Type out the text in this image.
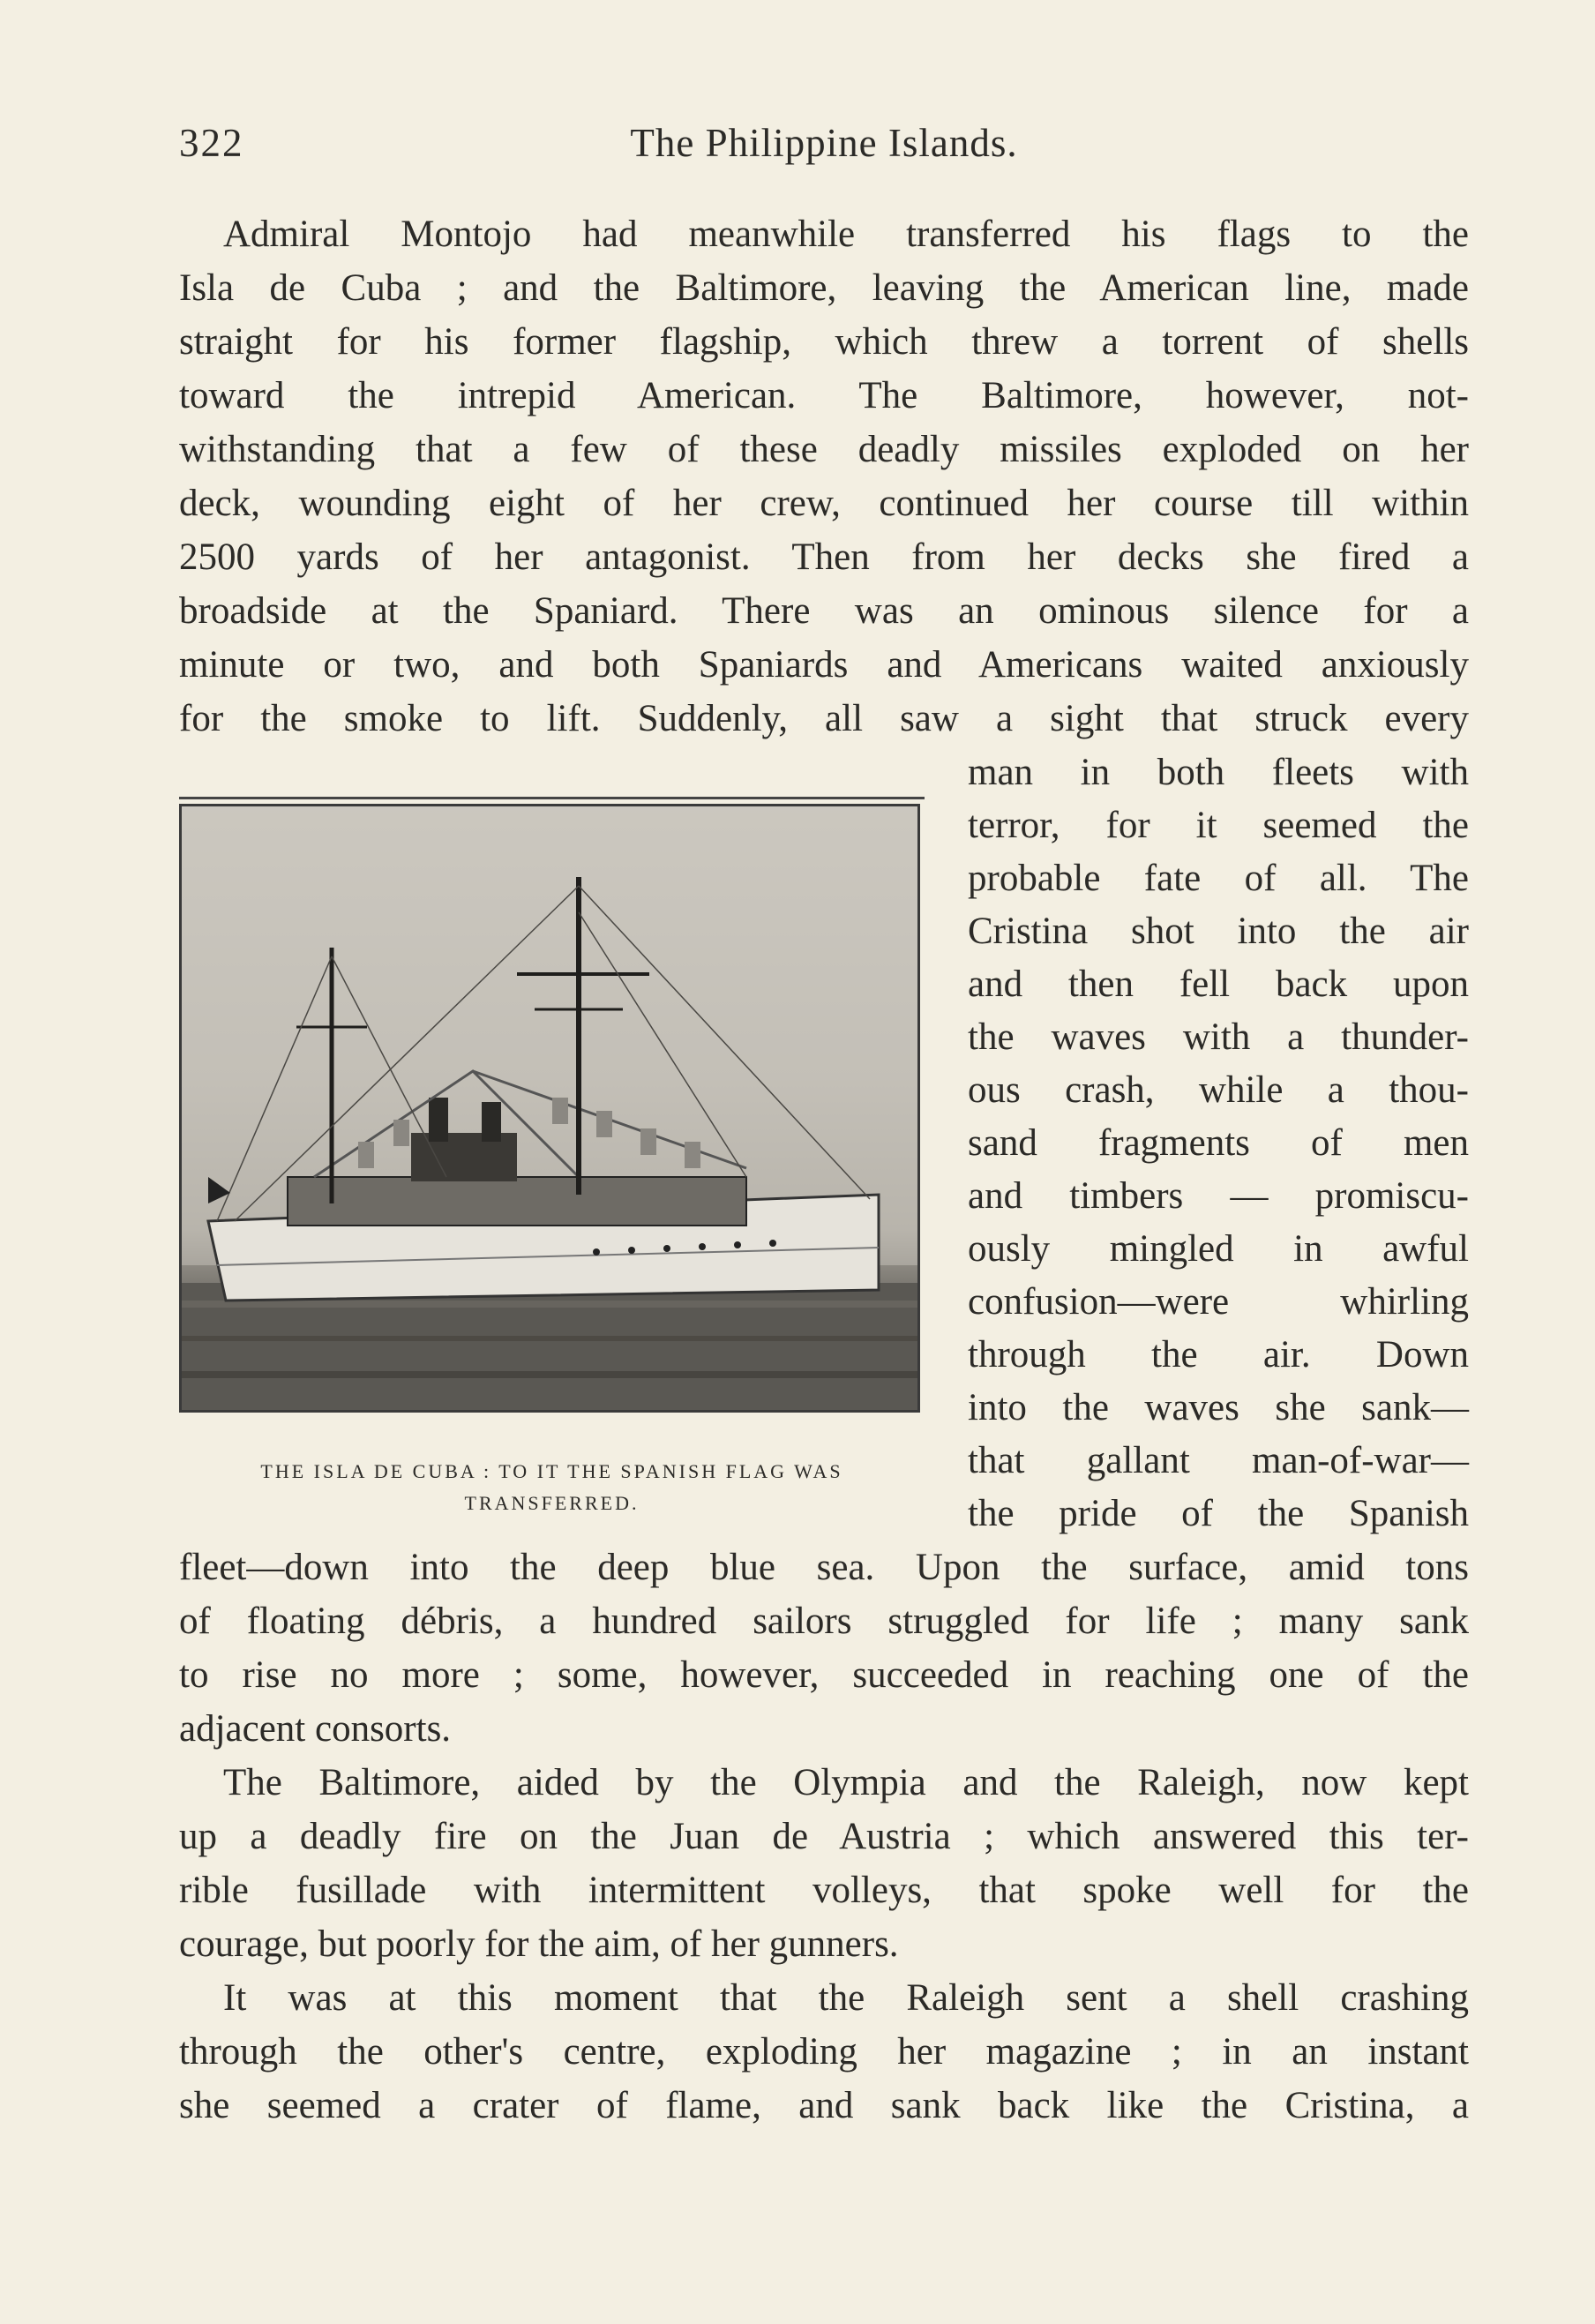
322	The Philippine Islands.
Admiral Montojo had meanwhile transferred his flags to the
Isla de Cuba ; and the Baltimore, leaving the American line, made
straight for his former flagship, which threw a torrent of shells
toward the intrepid American. The Baltimore, however, not-
withstanding that a few of these deadly missiles exploded on her
deck, wounding eight of her crew, continued her course till within
2500 yards of her antagonist. Then from her decks she fired a
broadside at the Spaniard. There was an ominous silence for a
minute or two, and both Spaniards and Americans waited anxiously
for the smoke to lift. Suddenly, all saw a sight that struck every
man in both fleets with
terror, for it seemed the
probable fate of all. The
Cristina shot into the air
and then fell back upon
the waves with a thunder-
ous crash, while a thou-
sand fragments of men
and timbers — promiscu-
ously mingled in awful
confusion—were whirling
through the air. Down
into the waves she sank—
that gallant man-of-war—
the pride of the Spanish
THE ISLA DE CUBA : TO IT THE SPANISH FLAG WAS
TRANSFERRED.
fleet—down into the deep blue sea. Upon the surface, amid tons
of floating débris, a hundred sailors struggled for life ; many sank
to rise no more ; some, however, succeeded in reaching one of the
adjacent consorts.
The Baltimore, aided by the Olympia and the Raleigh, now kept
up a deadly fire on the Juan de Austria ; which answered this ter-
rible fusillade with intermittent volleys, that spoke well for the
courage, but poorly for the aim, of her gunners.
It was at this moment that the Raleigh sent a shell crashing
through the other's centre, exploding her magazine ; in an instant
she seemed a crater of flame, and sank back like the Cristina, a
